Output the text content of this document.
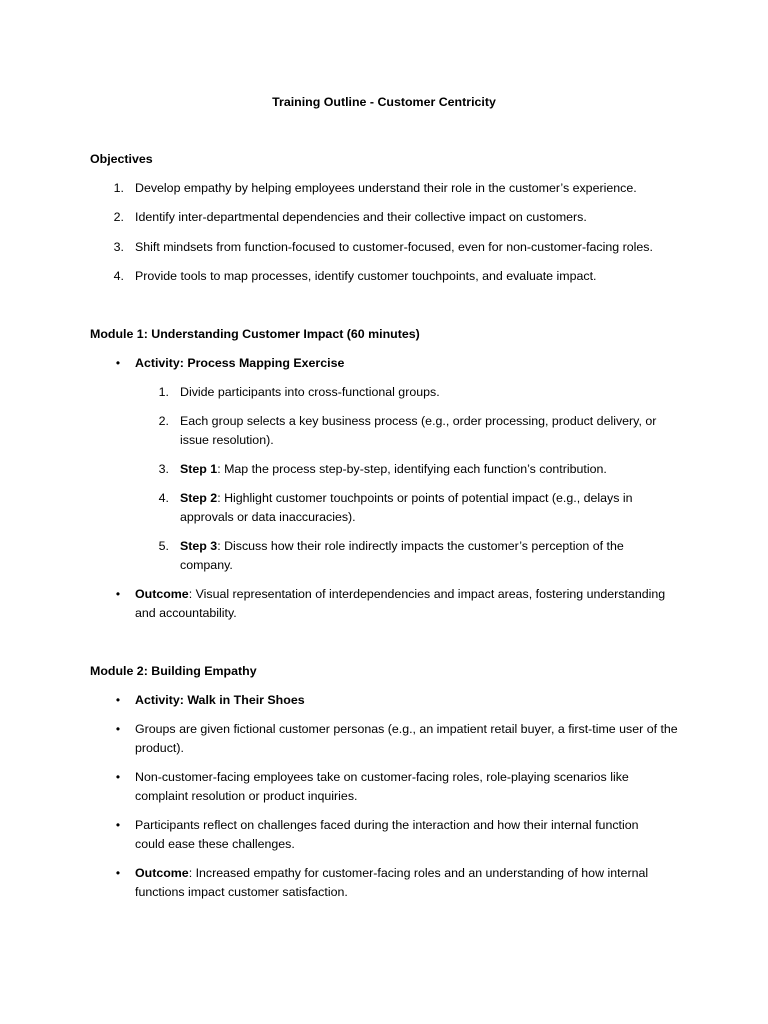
Training Outline - Customer Centricity
Objectives
1. Develop empathy by helping employees understand their role in the customer’s experience.
2. Identify inter-departmental dependencies and their collective impact on customers.
3. Shift mindsets from function-focused to customer-focused, even for non-customer-facing roles.
4. Provide tools to map processes, identify customer touchpoints, and evaluate impact.
Module 1: Understanding Customer Impact (60 minutes)
• Activity: Process Mapping Exercise
1. Divide participants into cross-functional groups.
2. Each group selects a key business process (e.g., order processing, product delivery, or issue resolution).
3. Step 1: Map the process step-by-step, identifying each function’s contribution.
4. Step 2: Highlight customer touchpoints or points of potential impact (e.g., delays in approvals or data inaccuracies).
5. Step 3: Discuss how their role indirectly impacts the customer’s perception of the company.
• Outcome: Visual representation of interdependencies and impact areas, fostering understanding and accountability.
Module 2: Building Empathy
• Activity: Walk in Their Shoes
• Groups are given fictional customer personas (e.g., an impatient retail buyer, a first-time user of the product).
• Non-customer-facing employees take on customer-facing roles, role-playing scenarios like complaint resolution or product inquiries.
• Participants reflect on challenges faced during the interaction and how their internal function could ease these challenges.
• Outcome: Increased empathy for customer-facing roles and an understanding of how internal functions impact customer satisfaction.
